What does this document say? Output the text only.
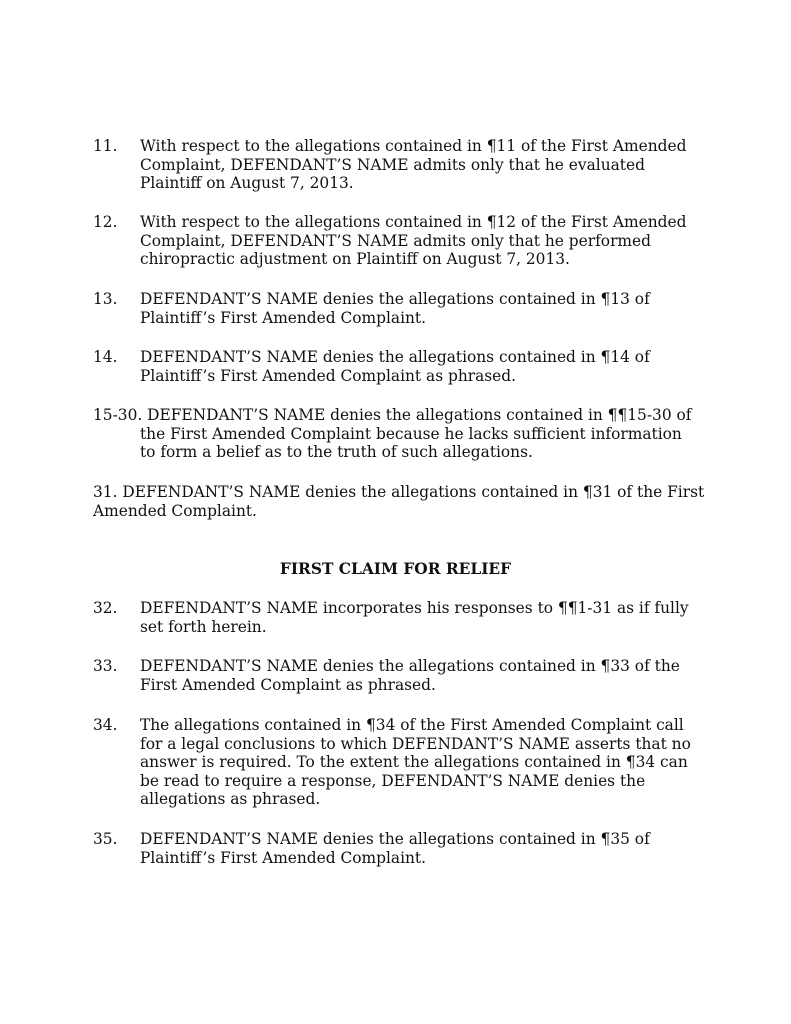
11. With respect to the allegations contained in ¶11 of the First Amended
Complaint, DEFENDANT’S NAME admits only that he evaluated
Plaintiff on August 7, 2013.
12. With respect to the allegations contained in ¶12 of the First Amended
Complaint, DEFENDANT’S NAME admits only that he performed
chiropractic adjustment on Plaintiff on August 7, 2013.
13. DEFENDANT’S NAME denies the allegations contained in ¶13 of
Plaintiff’s First Amended Complaint.
14. DEFENDANT’S NAME denies the allegations contained in ¶14 of
Plaintiff’s First Amended Complaint as phrased.
15-30. DEFENDANT’S NAME denies the allegations contained in ¶¶15-30 of
the First Amended Complaint because he lacks sufficient information
to form a belief as to the truth of such allegations.
31. DEFENDANT’S NAME denies the allegations contained in ¶31 of the First
Amended Complaint.
FIRST CLAIM FOR RELIEF
32. DEFENDANT’S NAME incorporates his responses to ¶¶1-31 as if fully
set forth herein.
33. DEFENDANT’S NAME denies the allegations contained in ¶33 of the
First Amended Complaint as phrased.
34. The allegations contained in ¶34 of the First Amended Complaint call
for a legal conclusions to which DEFENDANT’S NAME asserts that no
answer is required. To the extent the allegations contained in ¶34 can
be read to require a response, DEFENDANT’S NAME denies the
allegations as phrased.
35. DEFENDANT’S NAME denies the allegations contained in ¶35 of
Plaintiff’s First Amended Complaint.
